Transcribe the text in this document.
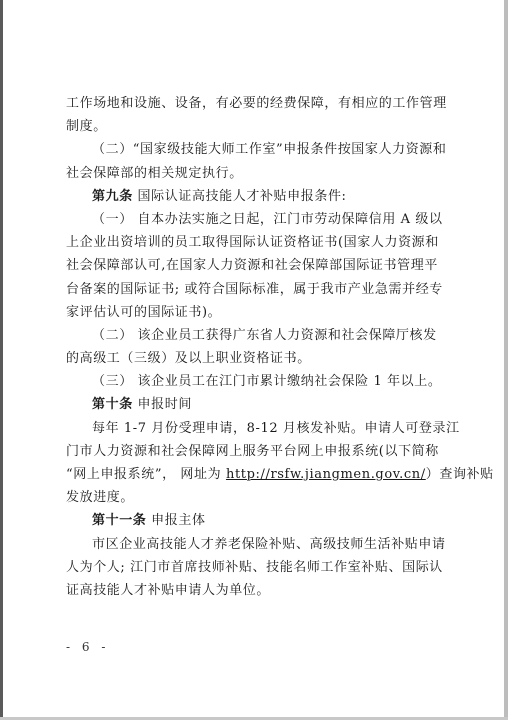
工作场地和设施、设备，有必要的经费保障，有相应的工作管理
制度。
（二）“国家级技能大师工作室”申报条件按国家人力资源和
社会保障部的相关规定执行。
第九条 国际认证高技能人才补贴申报条件:
（一） 自本办法实施之日起，江门市劳动保障信用 A 级以
上企业出资培训的员工取得国际认证资格证书(国家人力资源和
社会保障部认可,在国家人力资源和社会保障部国际证书管理平
台备案的国际证书; 或符合国际标准，属于我市产业急需并经专
家评估认可的国际证书)。
（二） 该企业员工获得广东省人力资源和社会保障厅核发
的高级工（三级）及以上职业资格证书。
（三） 该企业员工在江门市累计缴纳社会保险 1 年以上。
第十条 申报时间
每年 1-7 月份受理申请，8-12 月核发补贴。申请人可登录江
门市人力资源和社会保障网上服务平台网上申报系统(以下简称
“网上申报系统”， 网址为 http://rsfw.jiangmen.gov.cn/）查询补贴
发放进度。
第十一条 申报主体
市区企业高技能人才养老保险补贴、高级技师生活补贴申请
人为个人; 江门市首席技师补贴、技能名师工作室补贴、国际认
证高技能人才补贴申请人为单位。
- 6 -
